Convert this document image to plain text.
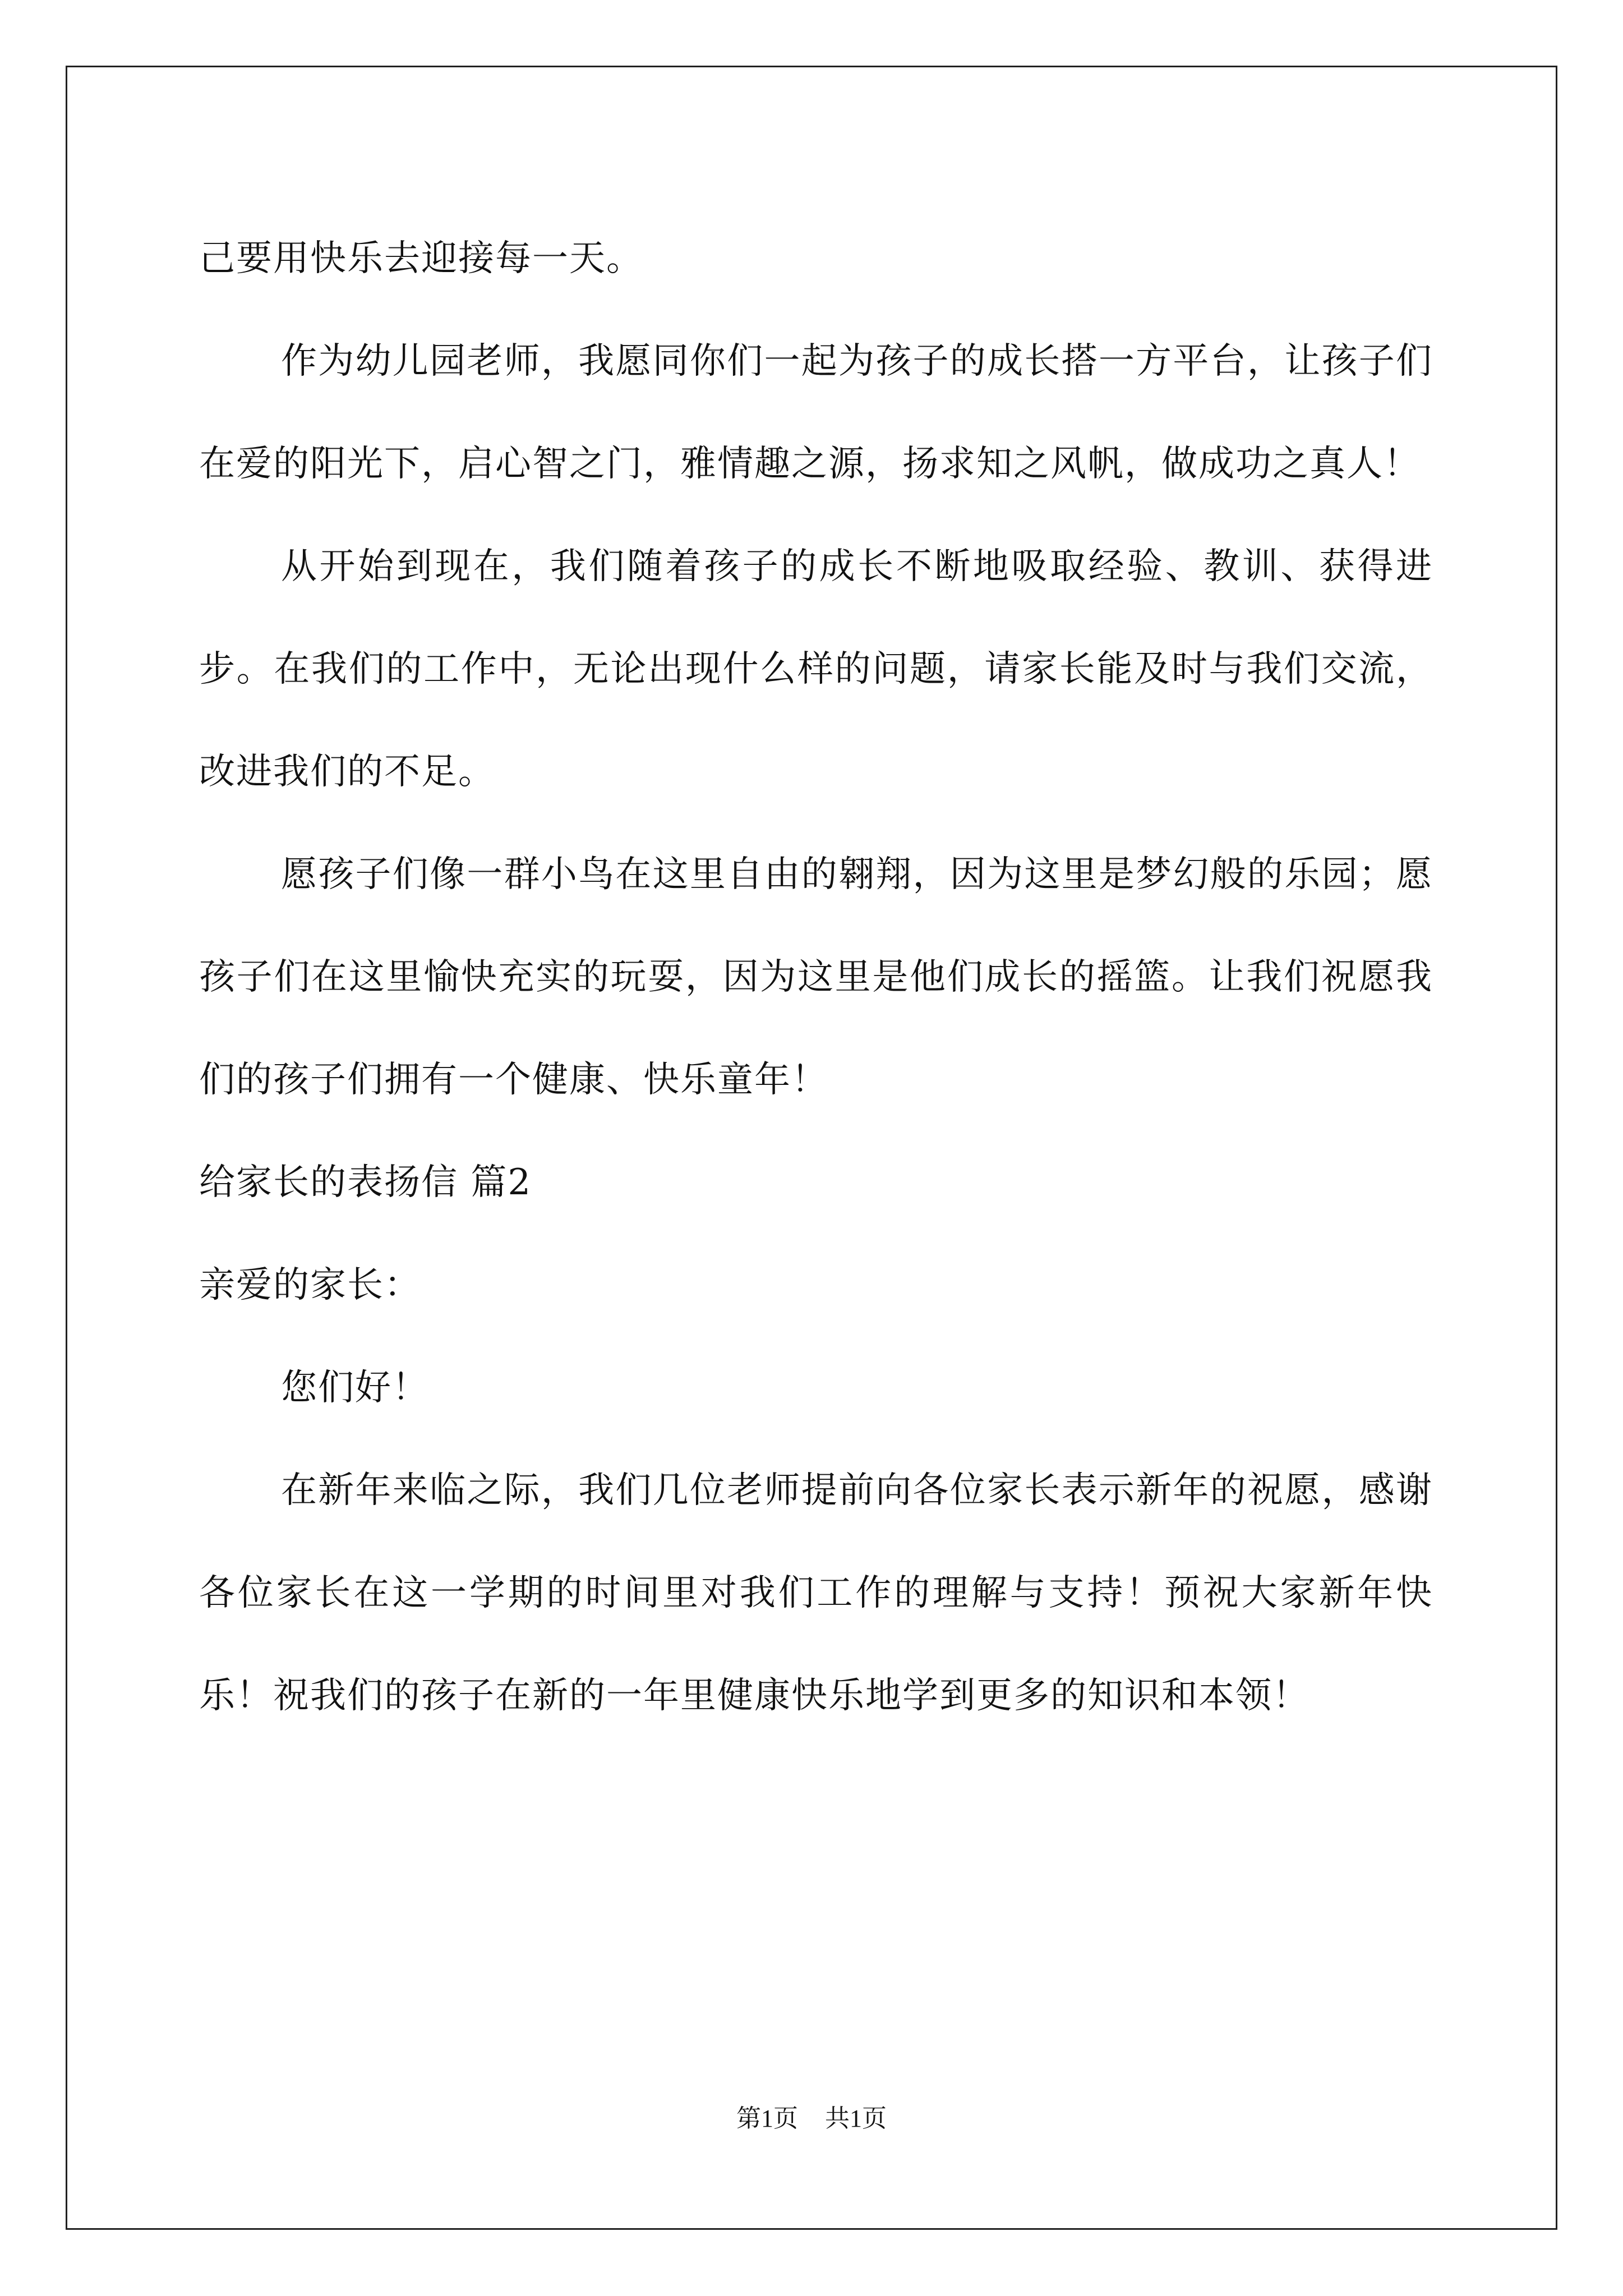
己要用快乐去迎接每一天。

作为幼儿园老师，我愿同你们一起为孩子的成长搭一方平台，让孩子们在爱的阳光下，启心智之门，雅情趣之源，扬求知之风帆，做成功之真人！

从开始到现在，我们随着孩子的成长不断地吸取经验、教训、获得进步。在我们的工作中，无论出现什么样的问题，请家长能及时与我们交流，改进我们的不足。

愿孩子们像一群小鸟在这里自由的翱翔，因为这里是梦幻般的乐园；愿孩子们在这里愉快充实的玩耍，因为这里是他们成长的摇篮。让我们祝愿我们的孩子们拥有一个健康、快乐童年！

给家长的表扬信 篇2

亲爱的家长：

您们好！

在新年来临之际，我们几位老师提前向各位家长表示新年的祝愿，感谢各位家长在这一学期的时间里对我们工作的理解与支持！预祝大家新年快乐！祝我们的孩子在新的一年里健康快乐地学到更多的知识和本领！

第1页 共1页
